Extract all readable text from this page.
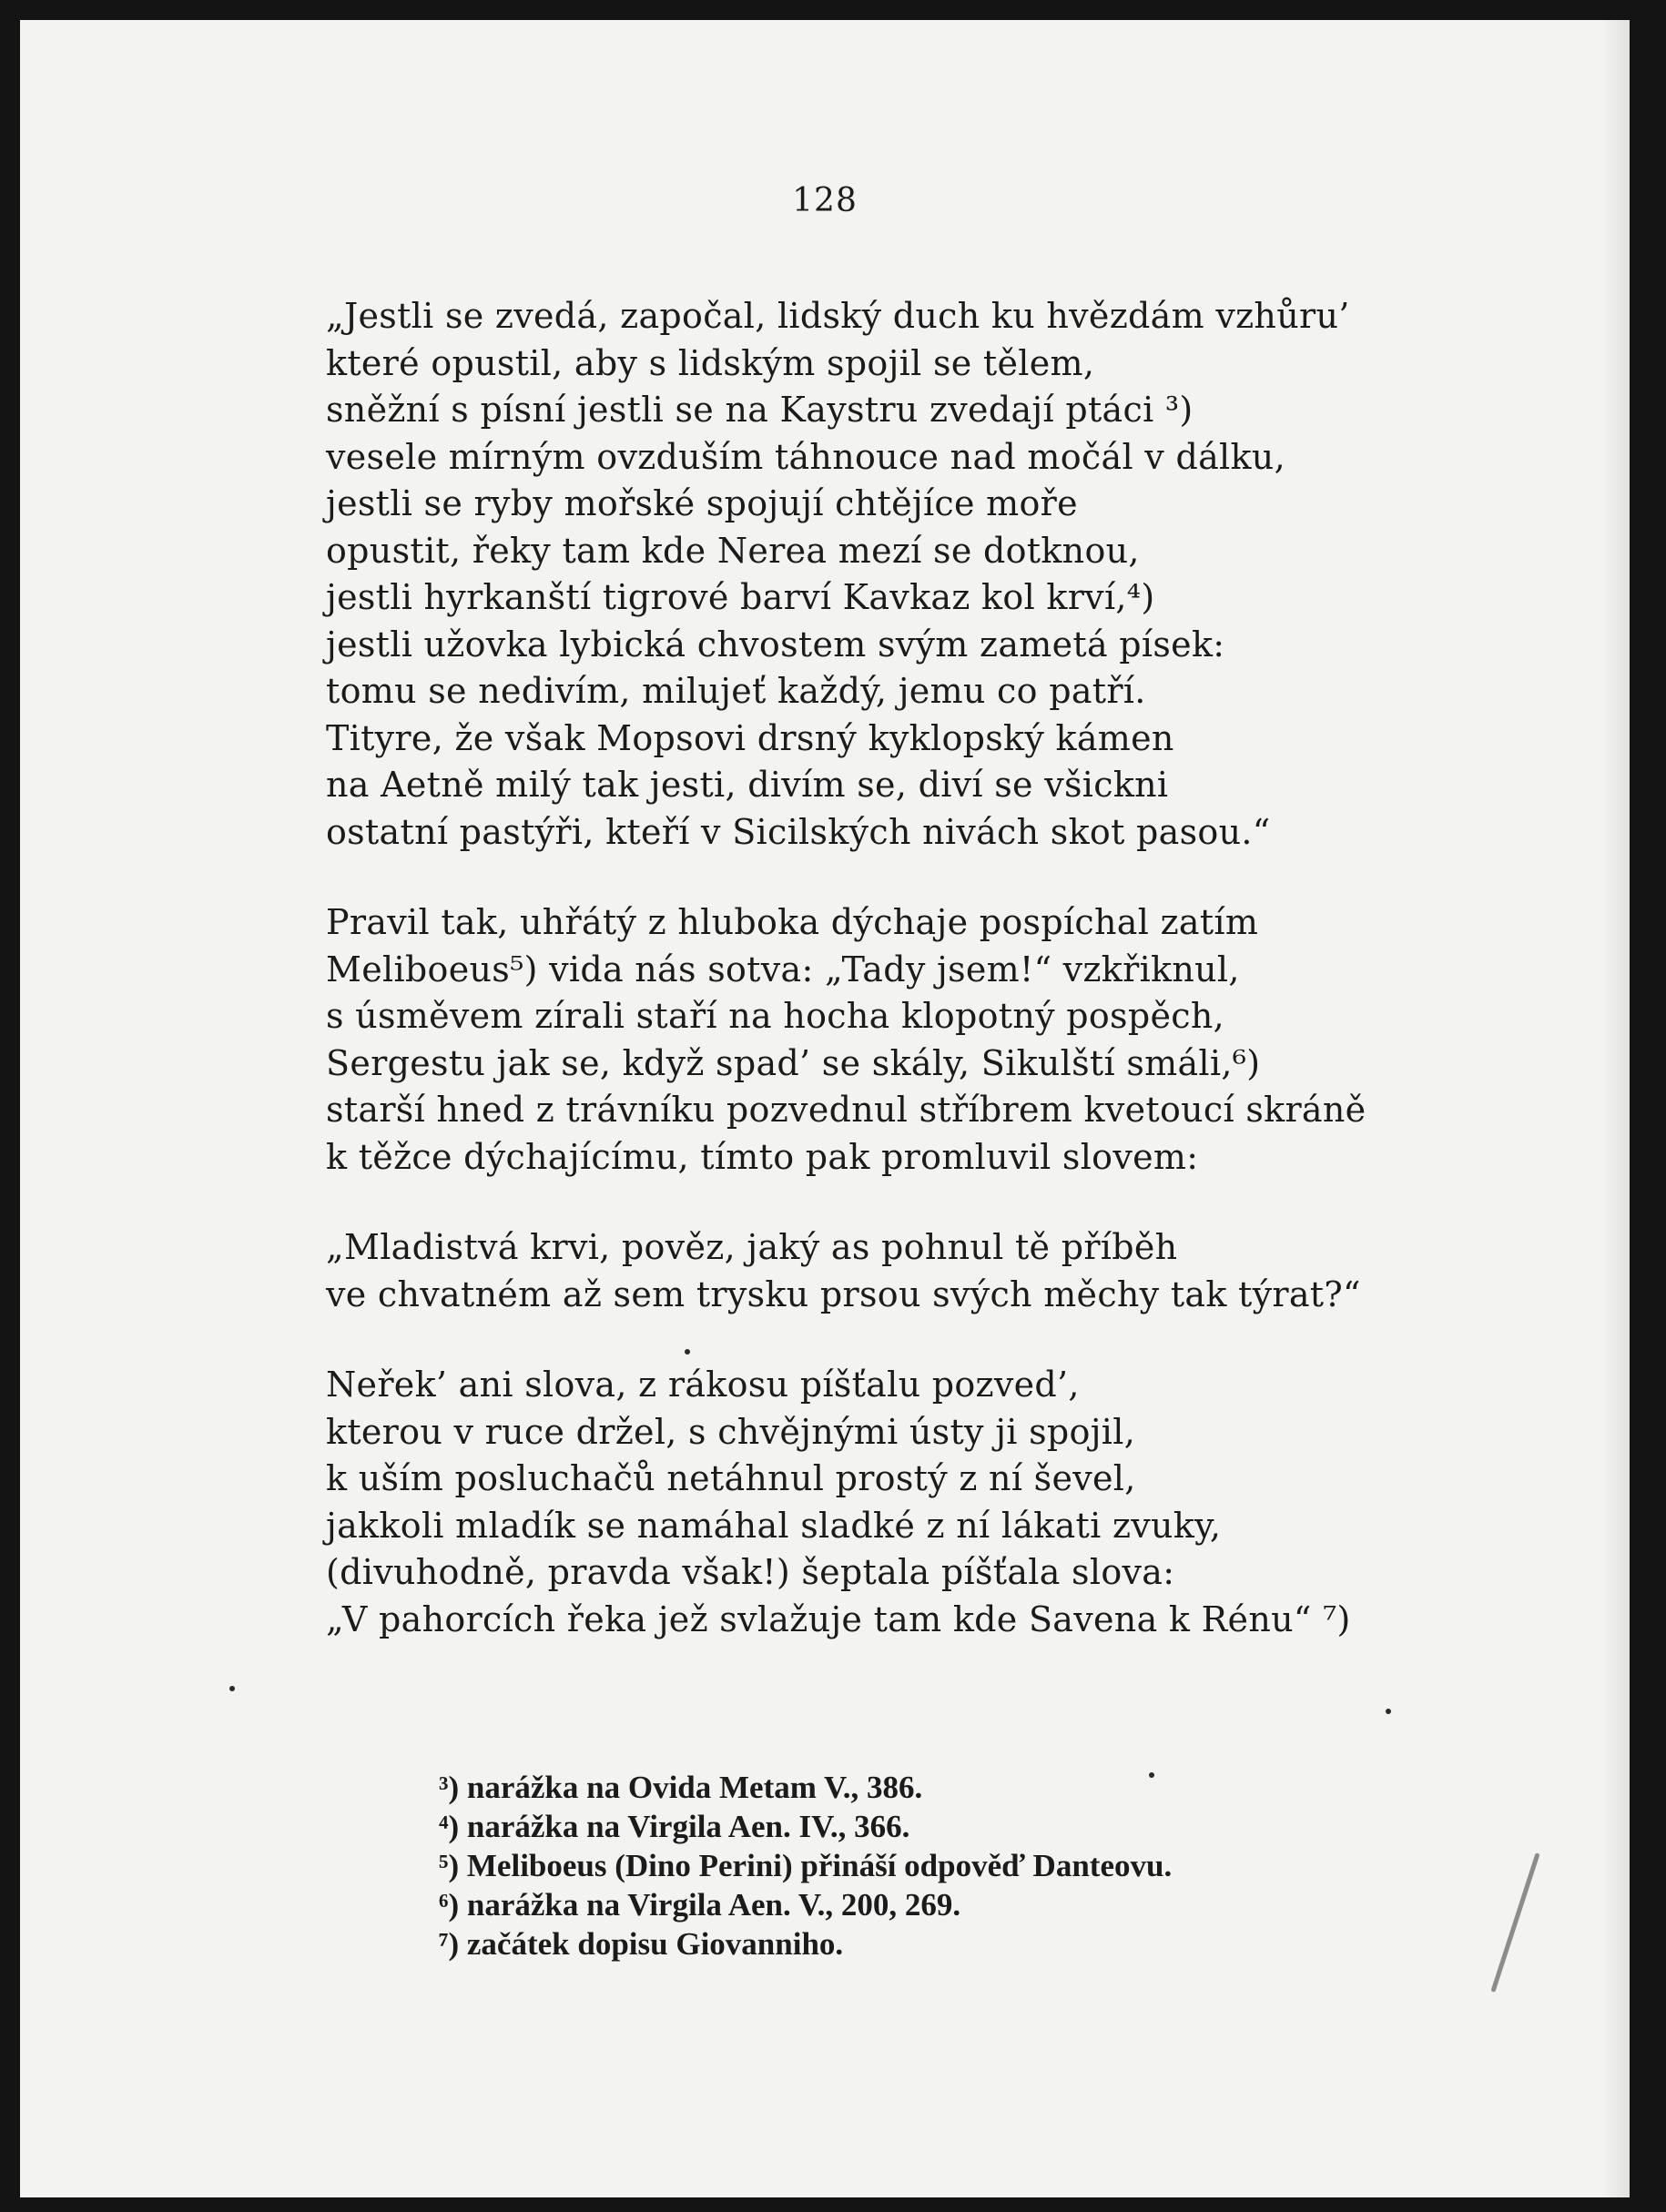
128
„Jestli se zvedá, započal, lidský duch ku hvězdám vzhůru’
které opustil, aby s lidským spojil se tělem,
sněžní s písní jestli se na Kaystru zvedají ptáci ³)
vesele mírným ovzduším táhnouce nad močál v dálku,
jestli se ryby mořské spojují chtějíce moře
opustit, řeky tam kde Nerea mezí se dotknou,
jestli hyrkanští tigrové barví Kavkaz kol krví,⁴)
jestli užovka lybická chvostem svým zametá písek:
tomu se nedivím, milujeť každý, jemu co patří.
Tityre, že však Mopsovi drsný kyklopský kámen
na Aetně milý tak jesti, divím se, diví se všickni
ostatní pastýři, kteří v Sicilských nivách skot pasou.“
Pravil tak, uhřátý z hluboka dýchaje pospíchal zatím
Meliboeus⁵) vida nás sotva: „Tady jsem!“ vzkřiknul,
s úsměvem zírali staří na hocha klopotný pospěch,
Sergestu jak se, když spad’ se skály, Sikulští smáli,⁶)
starší hned z trávníku pozvednul stříbrem kvetoucí skráně
k těžce dýchajícímu, tímto pak promluvil slovem:
„Mladistvá krvi, pověz, jaký as pohnul tě příběh
ve chvatném až sem trysku prsou svých měchy tak týrat?“
Neřek’ ani slova, z rákosu píšťalu pozved’,
kterou v ruce držel, s chvějnými ústy ji spojil,
k uším posluchačů netáhnul prostý z ní ševel,
jakkoli mladík se namáhal sladké z ní lákati zvuky,
(divuhodně, pravda však!) šeptala píšťala slova:
„V pahorcích řeka jež svlažuje tam kde Savena k Rénu“ ⁷)
³) narážka na Ovida Metam V., 386.
⁴) narážka na Virgila Aen. IV., 366.
⁵) Meliboeus (Dino Perini) přináší odpověď Danteovu.
⁶) narážka na Virgila Aen. V., 200, 269.
⁷) začátek dopisu Giovanniho.
